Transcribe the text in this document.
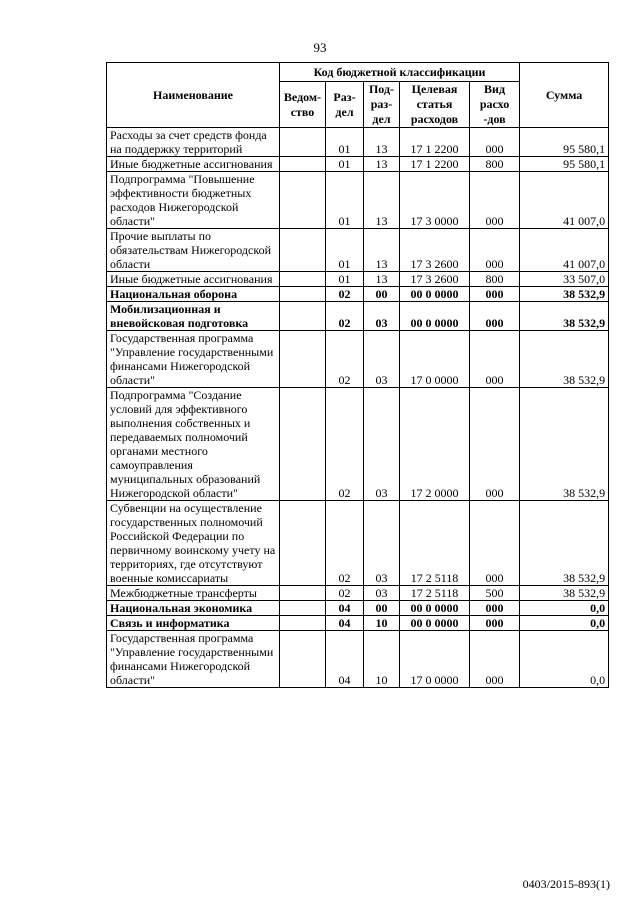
93
Наименование	Код бюджетной классификации					Сумма
	Ведом-ство	Раз-дел	Под-раз-дел	Целевая статья расходов	Вид расхо -дов	
Расходы за счет средств фонда на поддержку территорий		01	13	17 1 2200	000	95 580,1
Иные бюджетные ассигнования		01	13	17 1 2200	800	95 580,1
Подпрограмма "Повышение эффективности бюджетных расходов Нижегородской области"		01	13	17 3 0000	000	41 007,0
Прочие выплаты по обязательствам Нижегородской области		01	13	17 3 2600	000	41 007,0
Иные бюджетные ассигнования		01	13	17 3 2600	800	33 507,0
Национальная оборона		02	00	00 0 0000	000	38 532,9
Мобилизационная и вневойсковая подготовка		02	03	00 0 0000	000	38 532,9
Государственная программа "Управление государственными финансами Нижегородской области"		02	03	17 0 0000	000	38 532,9
Подпрограмма "Создание условий для эффективного выполнения собственных и передаваемых полномочий органами местного самоуправления муниципальных образований Нижегородской области"		02	03	17 2 0000	000	38 532,9
Субвенции на осуществление государственных полномочий Российской Федерации по первичному воинскому учету на территориях, где отсутствуют военные комиссариаты		02	03	17 2 5118	000	38 532,9
Межбюджетные трансферты		02	03	17 2 5118	500	38 532,9
Национальная экономика		04	00	00 0 0000	000	0,0
Связь и информатика		04	10	00 0 0000	000	0,0
Государственная программа "Управление государственными финансами Нижегородской области"		04	10	17 0 0000	000	0,0
0403/2015-893(1)
